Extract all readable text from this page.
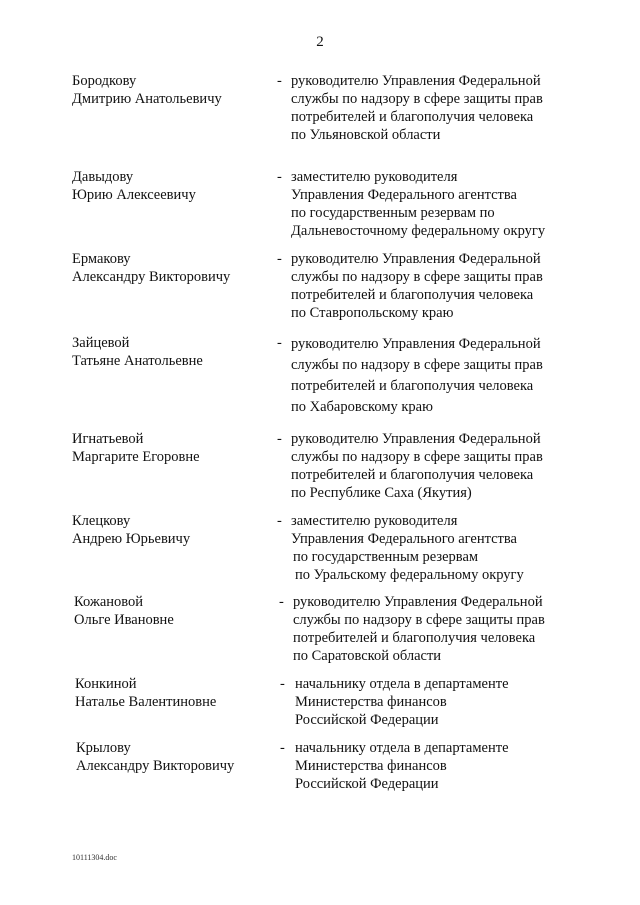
2
Бородкову
Дмитрию Анатольевичу
- руководителю Управления Федеральной
службы по надзору в сфере защиты прав
потребителей и благополучия человека
по Ульяновской области
Давыдову
Юрию Алексеевичу
- заместителю руководителя
Управления Федерального агентства
по государственным резервам по
Дальневосточному федеральному округу
Ермакову
Александру Викторовичу
- руководителю Управления Федеральной
службы по надзору в сфере защиты прав
потребителей и благополучия человека
по Ставропольскому краю
Зайцевой
Татьяне Анатольевне
- руководителю Управления Федеральной
службы по надзору в сфере защиты прав
потребителей и благополучия человека
по Хабаровскому краю
Игнатьевой
Маргарите Егоровне
- руководителю Управления Федеральной
службы по надзору в сфере защиты прав
потребителей и благополучия человека
по Республике Саха (Якутия)
Клецкову
Андрею Юрьевичу
- заместителю руководителя
Управления Федерального агентства
по государственным резервам
по Уральскому федеральному округу
Кожановой
Ольге Ивановне
- руководителю Управления Федеральной
службы по надзору в сфере защиты прав
потребителей и благополучия человека
по Саратовской области
Конкиной
Наталье Валентиновне
- начальнику отдела в департаменте
Министерства финансов
Российской Федерации
Крылову
Александру Викторовичу
- начальнику отдела в департаменте
Министерства финансов
Российской Федерации
10111304.doc
